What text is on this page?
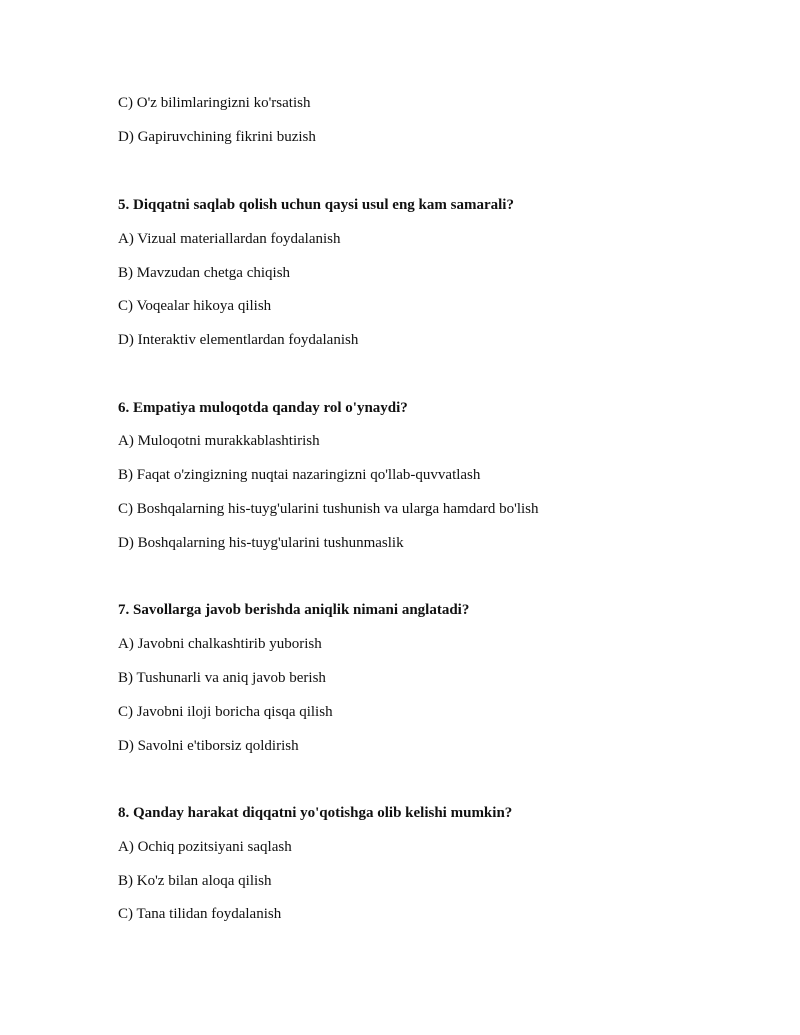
C) O'z bilimlaringizni ko'rsatish
D) Gapiruvchining fikrini buzish
5. Diqqatni saqlab qolish uchun qaysi usul eng kam samarali?
A) Vizual materiallardan foydalanish
B) Mavzudan chetga chiqish
C) Voqealar hikoya qilish
D) Interaktiv elementlardan foydalanish
6. Empatiya muloqotda qanday rol o'ynaydi?
A) Muloqotni murakkablashtirish
B) Faqat o'zingizning nuqtai nazaringizni qo'llab-quvvatlash
C) Boshqalarning his-tuyg'ularini tushunish va ularga hamdard bo'lish
D) Boshqalarning his-tuyg'ularini tushunmaslik
7. Savollarga javob berishda aniqlik nimani anglatadi?
A) Javobni chalkashtirib yuborish
B) Tushunarli va aniq javob berish
C) Javobni iloji boricha qisqa qilish
D) Savolni e'tiborsiz qoldirish
8. Qanday harakat diqqatni yo'qotishga olib kelishi mumkin?
A) Ochiq pozitsiyani saqlash
B) Ko'z bilan aloqa qilish
C) Tana tilidan foydalanish
